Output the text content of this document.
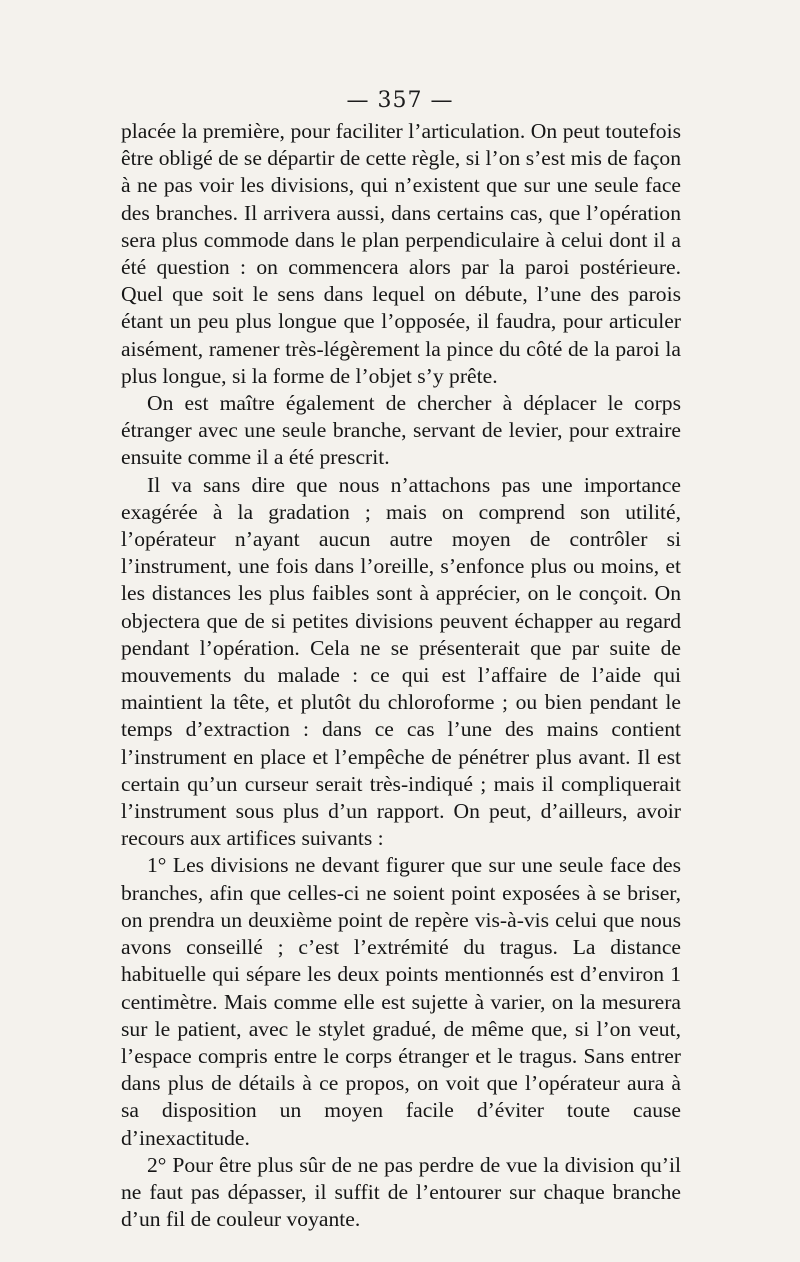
— 357 —

placée la première, pour faciliter l’articulation. On peut toutefois être obligé de se départir de cette règle, si l’on s’est mis de façon à ne pas voir les divisions, qui n’existent que sur une seule face des branches. Il arrivera aussi, dans certains cas, que l’opération sera plus commode dans le plan perpendiculaire à celui dont il a été question : on commencera alors par la paroi postérieure. Quel que soit le sens dans lequel on débute, l’une des parois étant un peu plus longue que l’opposée, il faudra, pour articuler aisément, ramener très-légèrement la pince du côté de la paroi la plus longue, si la forme de l’objet s’y prête.

On est maître également de chercher à déplacer le corps étranger avec une seule branche, servant de levier, pour extraire ensuite comme il a été prescrit.

Il va sans dire que nous n’attachons pas une importance exagérée à la gradation ; mais on comprend son utilité, l’opérateur n’ayant aucun autre moyen de contrôler si l’instrument, une fois dans l’oreille, s’enfonce plus ou moins, et les distances les plus faibles sont à apprécier, on le conçoit. On objectera que de si petites divisions peuvent échapper au regard pendant l’opération. Cela ne se présenterait que par suite de mouvements du malade : ce qui est l’affaire de l’aide qui maintient la tête, et plutôt du chloroforme ; ou bien pendant le temps d’extraction : dans ce cas l’une des mains contient l’instrument en place et l’empêche de pénétrer plus avant. Il est certain qu’un curseur serait très-indiqué ; mais il compliquerait l’instrument sous plus d’un rapport. On peut, d’ailleurs, avoir recours aux artifices suivants :

1° Les divisions ne devant figurer que sur une seule face des branches, afin que celles-ci ne soient point exposées à se briser, on prendra un deuxième point de repère vis-à-vis celui que nous avons conseillé ; c’est l’extrémité du tragus. La distance habituelle qui sépare les deux points mentionnés est d’environ 1 centimètre. Mais comme elle est sujette à varier, on la mesurera sur le patient, avec le stylet gradué, de même que, si l’on veut, l’espace compris entre le corps étranger et le tragus. Sans entrer dans plus de détails à ce propos, on voit que l’opérateur aura à sa disposition un moyen facile d’éviter toute cause d’inexactitude.

2° Pour être plus sûr de ne pas perdre de vue la division qu’il ne faut pas dépasser, il suffit de l’entourer sur chaque branche d’un fil de couleur voyante.
